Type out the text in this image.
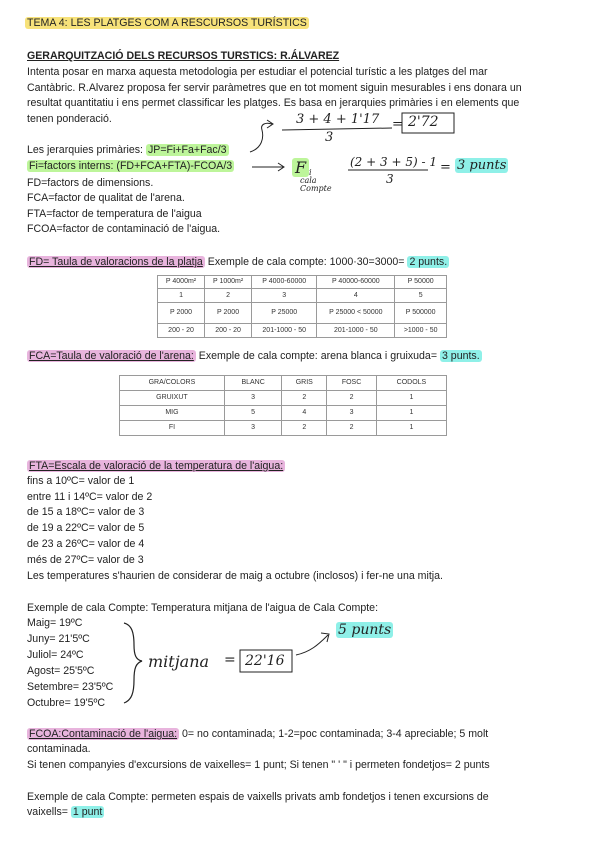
TEMA 4: LES PLATGES COM A RESCURSOS TURÍSTICS
GERARQUITZACIÓ DELS RECURSOS TURSTICS: R.ÁLVAREZ
Intenta posar en marxa aquesta metodologia per estudiar el potencial turístic a les platges del mar
Cantàbric. R.Alvarez proposa fer servir paràmetres que en tot moment siguin mesurables i ens donara un
resultat quantitatiu i ens permet classificar les platges. Es basa en jerarquies primàries i en elements que
tenen ponderació.
Les jerarquies primàries: JP=Fi+Fa+Fac/3
Fi=factors interns: (FD+FCA+FTA)-FCOA/3
FD=factors de dimensions.
FCA=factor de qualitat de l'arena.
FTA=factor de temperatura de l'aigua
FCOA=factor de contaminació de l'aigua.
3 + 4 + 1'17
3
= 2'72
F i
cala
Compte
(2 + 3 + 5) - 1
3
= 3 punts
FD= Taula de valoracions de la platja Exemple de cala compte: 1000·30=3000= 2 punts.
P 4000m²	P 1000m²	P 4000-60000	P 40000-60000	P 50000
1	2	3	4	5
P 2000	P 2000	P 25000	P 25000 < 50000	P 500000
200 - 20	200 - 20	201-1000 - 50	201-1000 - 50	>1000 - 50
FCA=Taula de valoració de l'arena: Exemple de cala compte: arena blanca i gruixuda= 3 punts.
GRA/COLORS	BLANC	GRIS	FOSC	CODOLS
GRUIXUT	3	2	2	1
MIG	5	4	3	1
FI	3	2	2	1
FTA=Escala de valoració de la temperatura de l'aigua:
fins a 10ºC= valor de 1
entre 11 i 14ºC= valor de 2
de 15 a 18ºC= valor de 3
de 19 a 22ºC= valor de 5
de 23 a 26ºC= valor de 4
més de 27ºC= valor de 3
Les temperatures s'haurien de considerar de maig a octubre (inclosos) i fer-ne una mitja.
Exemple de cala Compte: Temperatura mitjana de l'aigua de Cala Compte:
Maig= 19ºC
Juny= 21'5ºC
Juliol= 24ºC
Agost= 25'5ºC
Setembre= 23'5ºC
Octubre= 19'5ºC
mitjana = 22'16
5 punts
FCOA:Contaminació de l'aigua: 0= no contaminada; 1-2=poc contaminada; 3-4 apreciable; 5 molt
contaminada.
Si tenen companyies d'excursions de vaixelles= 1 punt; Si tenen " ' " i permeten fondetjos= 2 punts
Exemple de cala Compte: permeten espais de vaixells privats amb fondetjos i tenen excursions de
vaixells= 1 punt
